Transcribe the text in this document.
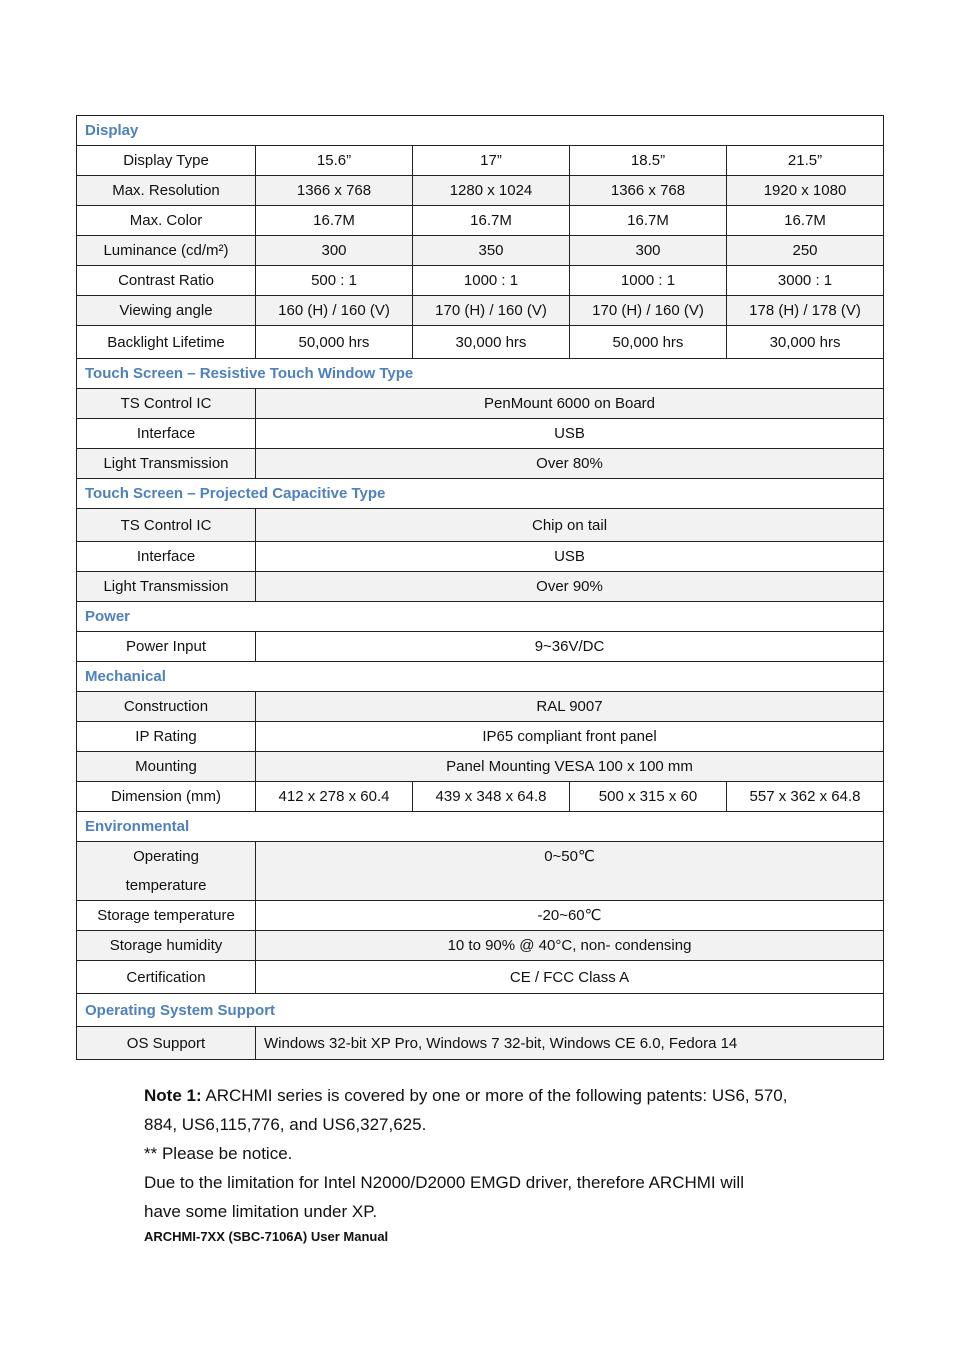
Display				
Display Type	15.6”	17”	18.5”	21.5”
Max. Resolution	1366 x 768	1280 x 1024	1366 x 768	1920 x 1080
Max. Color	16.7M	16.7M	16.7M	16.7M
Luminance (cd/m²)	300	350	300	250
Contrast Ratio	500 : 1	1000 : 1	1000 : 1	3000 : 1
Viewing angle	160 (H) / 160 (V)	170 (H) / 160 (V)	170 (H) / 160 (V)	178 (H) / 178 (V)
Backlight Lifetime	50,000 hrs	30,000 hrs	50,000 hrs	30,000 hrs
Touch Screen – Resistive Touch Window Type				
TS Control IC	PenMount 6000 on Board			
Interface	USB			
Light Transmission	Over 80%			
Touch Screen – Projected Capacitive Type				
TS Control IC	Chip on tail			
Interface	USB			
Light Transmission	Over 90%			
Power				
Power Input	9~36V/DC			
Mechanical				
Construction	RAL 9007			
IP Rating	IP65 compliant front panel			
Mounting	Panel Mounting VESA 100 x 100 mm			
Dimension (mm)	412 x 278 x 60.4	439 x 348 x 64.8	500 x 315 x 60	557 x 362 x 64.8
Environmental				
Operating
temperature	0~50℃			
Storage temperature	-20~60℃			
Storage humidity	10 to 90% @ 40°C, non- condensing			
Certification	CE / FCC Class A			
Operating System Support				
OS Support	Windows 32-bit XP Pro, Windows 7 32-bit, Windows CE 6.0, Fedora 14			

Note 1: ARCHMI series is covered by one or more of the following patents: US6, 570,

884, US6,115,776, and US6,327,625.

** Please be notice.

Due to the limitation for Intel N2000/D2000 EMGD driver, therefore ARCHMI will

have some limitation under XP.

ARCHMI-7XX (SBC-7106A) User Manual
